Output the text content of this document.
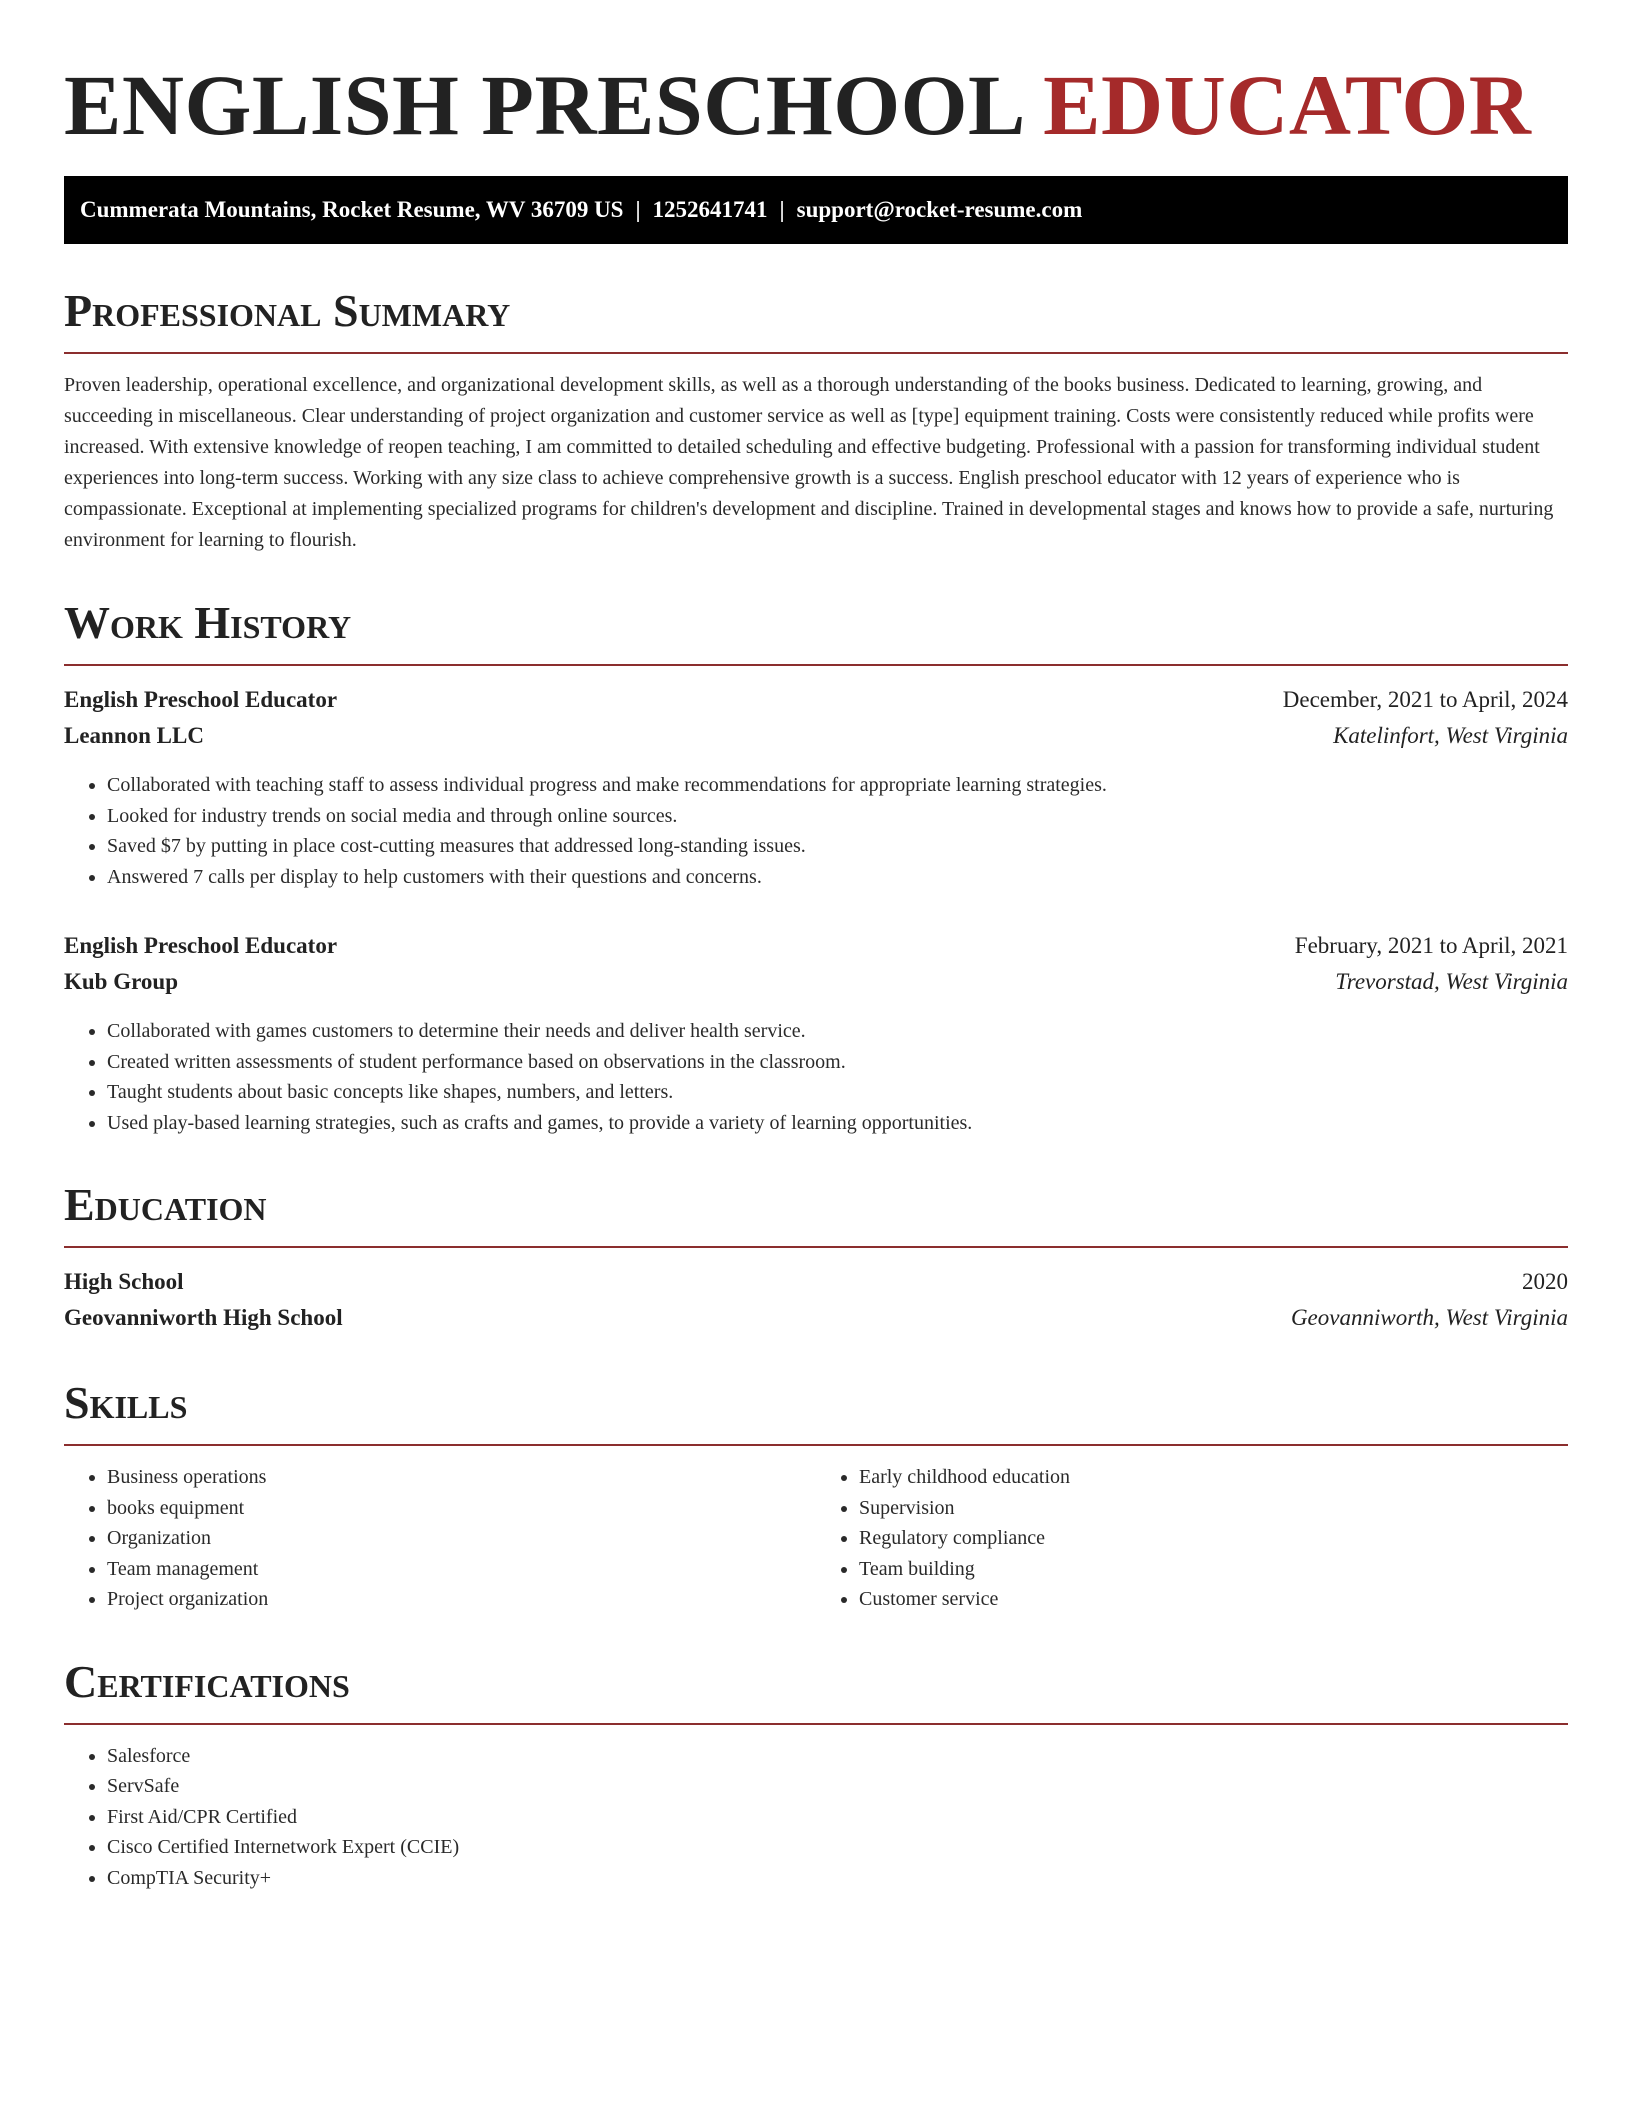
ENGLISH PRESCHOOL EDUCATOR
Cummerata Mountains, Rocket Resume, WV 36709 US | 1252641741 | support@rocket-resume.com
Professional Summary

Proven leadership, operational excellence, and organizational development skills, as well as a thorough understanding of the books business. Dedicated to learning, growing, and succeeding in miscellaneous. Clear understanding of project organization and customer service as well as [type] equipment training. Costs were consistently reduced while profits were increased. With extensive knowledge of reopen teaching, I am committed to detailed scheduling and effective budgeting. Professional with a passion for transforming individual student experiences into long-term success. Working with any size class to achieve comprehensive growth is a success. English preschool educator with 12 years of experience who is compassionate. Exceptional at implementing specialized programs for children's development and discipline. Trained in developmental stages and knows how to provide a safe, nurturing environment for learning to flourish.

Work History
English Preschool Educator	December, 2021 to April, 2024
Leannon LLC	Katelinfort, West Virginia
• Collaborated with teaching staff to assess individual progress and make recommendations for appropriate learning strategies.
• Looked for industry trends on social media and through online sources.
• Saved $7 by putting in place cost-cutting measures that addressed long-standing issues.
• Answered 7 calls per display to help customers with their questions and concerns.
English Preschool Educator	February, 2021 to April, 2021
Kub Group	Trevorstad, West Virginia
• Collaborated with games customers to determine their needs and deliver health service.
• Created written assessments of student performance based on observations in the classroom.
• Taught students about basic concepts like shapes, numbers, and letters.
• Used play-based learning strategies, such as crafts and games, to provide a variety of learning opportunities.
Education
High School	2020
Geovanniworth High School	Geovanniworth, West Virginia
Skills
• Business operations
• books equipment
• Organization
• Team management
• Project organization
• Early childhood education
• Supervision
• Regulatory compliance
• Team building
• Customer service
Certifications
• Salesforce
• ServSafe
• First Aid/CPR Certified
• Cisco Certified Internetwork Expert (CCIE)
• CompTIA Security+
